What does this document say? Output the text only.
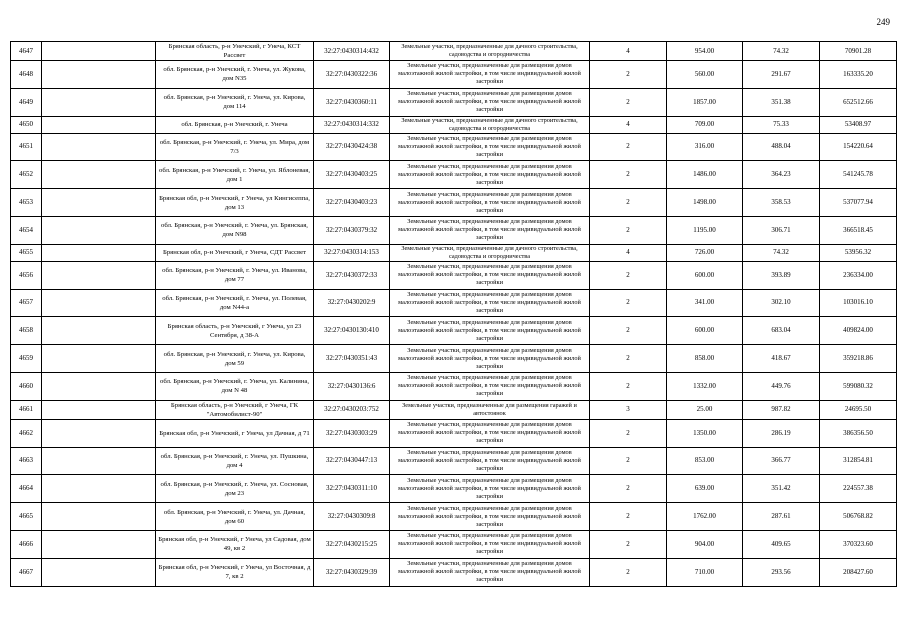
249
4647		Брянская область, р-н Унечский, г Унеча, КСТ Рассвет	32:27:0430314:432	Земельные участки, предназначенные для дачного строительства, садоводства и огородничества	4	954.00	74.32	70901.28
4648		обл. Брянская, р-н Унечский, г. Унеча, ул. Жукова, дом N35	32:27:0430322:36	Земельные участки, предназначенные для размещения домов малоэтажной жилой застройки, в том числе индивидуальной жилой застройки	2	560.00	291.67	163335.20
4649		обл. Брянская, р-н Унечский, г. Унеча, ул. Кирова, дом 114	32:27:0430360:11	Земельные участки, предназначенные для размещения домов малоэтажной жилой застройки, в том числе индивидуальной жилой застройки	2	1857.00	351.38	652512.66
4650		обл. Брянская, р-н Унечский, г. Унеча	32:27:0430314:332	Земельные участки, предназначенные для дачного строительства, садоводства и огородничества	4	709.00	75.33	53408.97
4651		обл. Брянская, р-н Унечский, г. Унеча, ул. Мира, дом 7/3	32:27:0430424:38	Земельные участки, предназначенные для размещения домов малоэтажной жилой застройки, в том числе индивидуальной жилой застройки	2	316.00	488.04	154220.64
4652		обл. Брянская, р-н Унечский, г. Унеча, ул. Яблоневая, дом 1	32:27:0430403:25	Земельные участки, предназначенные для размещения домов малоэтажной жилой застройки, в том числе индивидуальной жилой застройки	2	1486.00	364.23	541245.78
4653		Брянская обл, р-н Унечский, г Унеча, ул Кингисеппа, дом 13	32:27:0430403:23	Земельные участки, предназначенные для размещения домов малоэтажной жилой застройки, в том числе индивидуальной жилой застройки	2	1498.00	358.53	537077.94
4654		обл. Брянская, р-н Унечский, г. Унеча, ул. Брянская, дом N98	32:27:0430379:32	Земельные участки, предназначенные для размещения домов малоэтажной жилой застройки, в том числе индивидуальной жилой застройки	2	1195.00	306.71	366518.45
4655		Брянская обл, р-н Унечский, г Унеча, СДТ Рассвет	32:27:0430314:153	Земельные участки, предназначенные для дачного строительства, садоводства и огородничества	4	726.00	74.32	53956.32
4656		обл. Брянская, р-н Унечский, г. Унеча, ул. Иванова, дом 77	32:27:0430372:33	Земельные участки, предназначенные для размещения домов малоэтажной жилой застройки, в том числе индивидуальной жилой застройки	2	600.00	393.89	236334.00
4657		обл. Брянская, р-н Унечский, г. Унеча, ул. Полевая, дом N44-а	32:27:0430202:9	Земельные участки, предназначенные для размещения домов малоэтажной жилой застройки, в том числе индивидуальной жилой застройки	2	341.00	302.10	103016.10
4658		Брянская область, р-н Унечский, г Унеча, ул 23 Сентября, д 38-А	32:27:0430130:410	Земельные участки, предназначенные для размещения домов малоэтажной жилой застройки, в том числе индивидуальной жилой застройки	2	600.00	683.04	409824.00
4659		обл. Брянская, р-н Унечский, г. Унеча, ул. Кирова, дом 59	32:27:0430351:43	Земельные участки, предназначенные для размещения домов малоэтажной жилой застройки, в том числе индивидуальной жилой застройки	2	858.00	418.67	359218.86
4660		обл. Брянская, р-н Унечский, г. Унеча, ул. Калинина, дом N 48	32:27:0430136:6	Земельные участки, предназначенные для размещения домов малоэтажной жилой застройки, в том числе индивидуальной жилой застройки	2	1332.00	449.76	599080.32
4661		Брянская область, р-н Унечский, г Унеча, ГК "Автомобилист-90"	32:27:0430203:752	Земельные участки, предназначенные для размещения гаражей и автостоянок	3	25.00	987.82	24695.50
4662		Брянская обл, р-н Унечский, г Унеча, ул Дачная, д 71	32:27:0430303:29	Земельные участки, предназначенные для размещения домов малоэтажной жилой застройки, в том числе индивидуальной жилой застройки	2	1350.00	286.19	386356.50
4663		обл. Брянская, р-н Унечский, г. Унеча, ул. Пушкина, дом 4	32:27:0430447:13	Земельные участки, предназначенные для размещения домов малоэтажной жилой застройки, в том числе индивидуальной жилой застройки	2	853.00	366.77	312854.81
4664		обл. Брянская, р-н Унечский, г. Унеча, ул. Сосновая, дом 23	32:27:0430311:10	Земельные участки, предназначенные для размещения домов малоэтажной жилой застройки, в том числе индивидуальной жилой застройки	2	639.00	351.42	224557.38
4665		обл. Брянская, р-н Унечский, г. Унеча, ул. Дачная, дом 60	32:27:0430309:8	Земельные участки, предназначенные для размещения домов малоэтажной жилой застройки, в том числе индивидуальной жилой застройки	2	1762.00	287.61	506768.82
4666		Брянская обл, р-н Унечский, г Унеча, ул Садовая, дом 49, кв 2	32:27:0430215:25	Земельные участки, предназначенные для размещения домов малоэтажной жилой застройки, в том числе индивидуальной жилой застройки	2	904.00	409.65	370323.60
4667		Брянская обл, р-н Унечский, г Унеча, ул Восточная, д 7, кв 2	32:27:0430329:39	Земельные участки, предназначенные для размещения домов малоэтажной жилой застройки, в том числе индивидуальной жилой застройки	2	710.00	293.56	208427.60
